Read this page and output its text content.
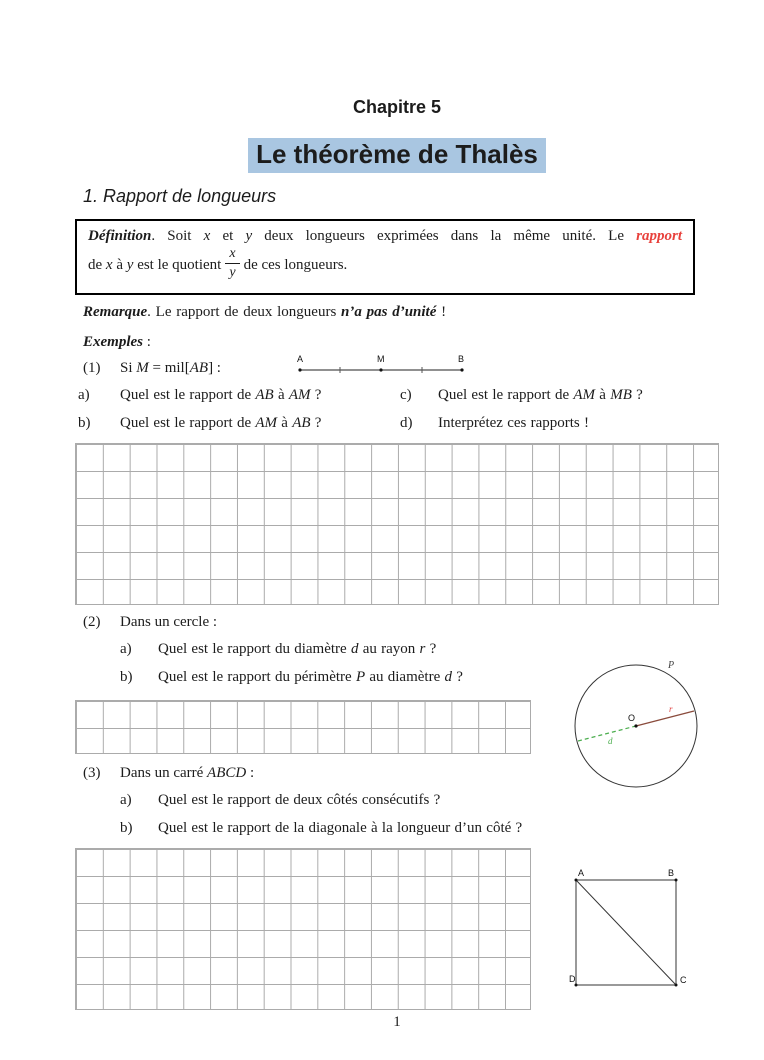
Chapitre 5
Le théorème de Thalès
1. Rapport de longueurs

Définition. Soit x et y deux longueurs exprimées dans la même unité. Le rapport

de x à y est le quotient $\frac{x}{y}$ de ces longueurs.

Remarque. Le rapport de deux longueurs n’a pas d’unité !

Exemples :

(1)	Si M = mil[AB] :
A	M	B
a)	Quel est le rapport de AB à AM ?	c)	Quel est le rapport de AM à MB ?
b)	Quel est le rapport de AM à AB ?	d)	Interprétez ces rapports !
(2)	Dans un cercle :
a)	Quel est le rapport du diamètre d au rayon r ?
b)	Quel est le rapport du périmètre P au diamètre d ?
P
O
r
d
(3)	Dans un carré ABCD :
a)	Quel est le rapport de deux côtés consécutifs ?
b)	Quel est le rapport de la diagonale à la longueur d’un côté ?
A	B
C
D
1
